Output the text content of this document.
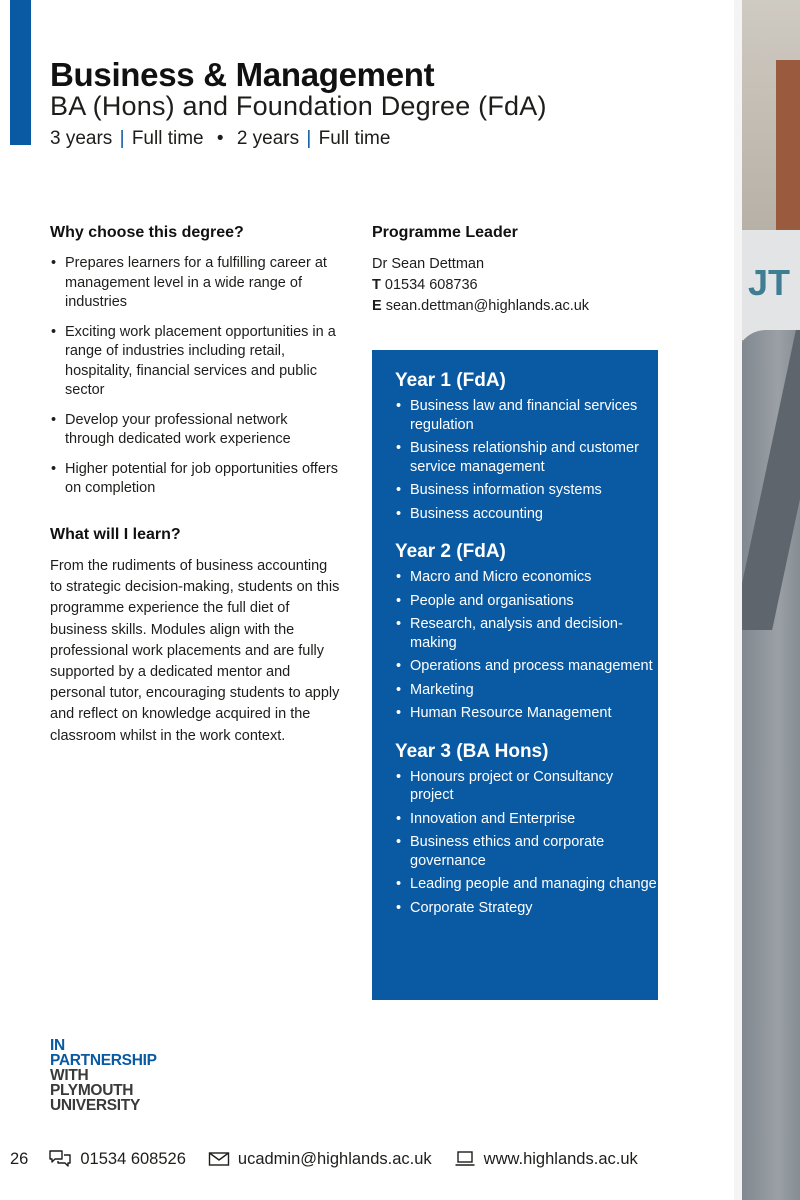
Business & Management
BA (Hons) and Foundation Degree (FdA)
3 years | Full time • 2 years | Full time
Why choose this degree?
• Prepares learners for a fulfilling career at management level in a wide range of industries
• Exciting work placement opportunities in a range of industries including retail, hospitality, financial services and public sector
• Develop your professional network through dedicated work experience
• Higher potential for job opportunities offers on completion
What will I learn?

From the rudiments of business accounting to strategic decision-making, students on this programme experience the full diet of business skills. Modules align with the professional work placements and are fully supported by a dedicated mentor and personal tutor, encouraging students to apply and reflect on knowledge acquired in the classroom whilst in the work context.

Programme Leader
Dr Sean Dettman
T 01534 608736
E sean.dettman@highlands.ac.uk
Year 1 (FdA)
• Business law and financial services regulation
• Business relationship and customer service management
• Business information systems
• Business accounting
Year 2 (FdA)
• Macro and Micro economics
• People and organisations
• Research, analysis and decision-making
• Operations and process management
• Marketing
• Human Resource Management
Year 3 (BA Hons)
• Honours project or Consultancy project
• Innovation and Enterprise
• Business ethics and corporate governance
• Leading people and managing change
• Corporate Strategy
IN
PARTNERSHIP
WITH
PLYMOUTH
UNIVERSITY
26	01534 608526	ucadmin@highlands.ac.uk	www.highlands.ac.uk
JT
